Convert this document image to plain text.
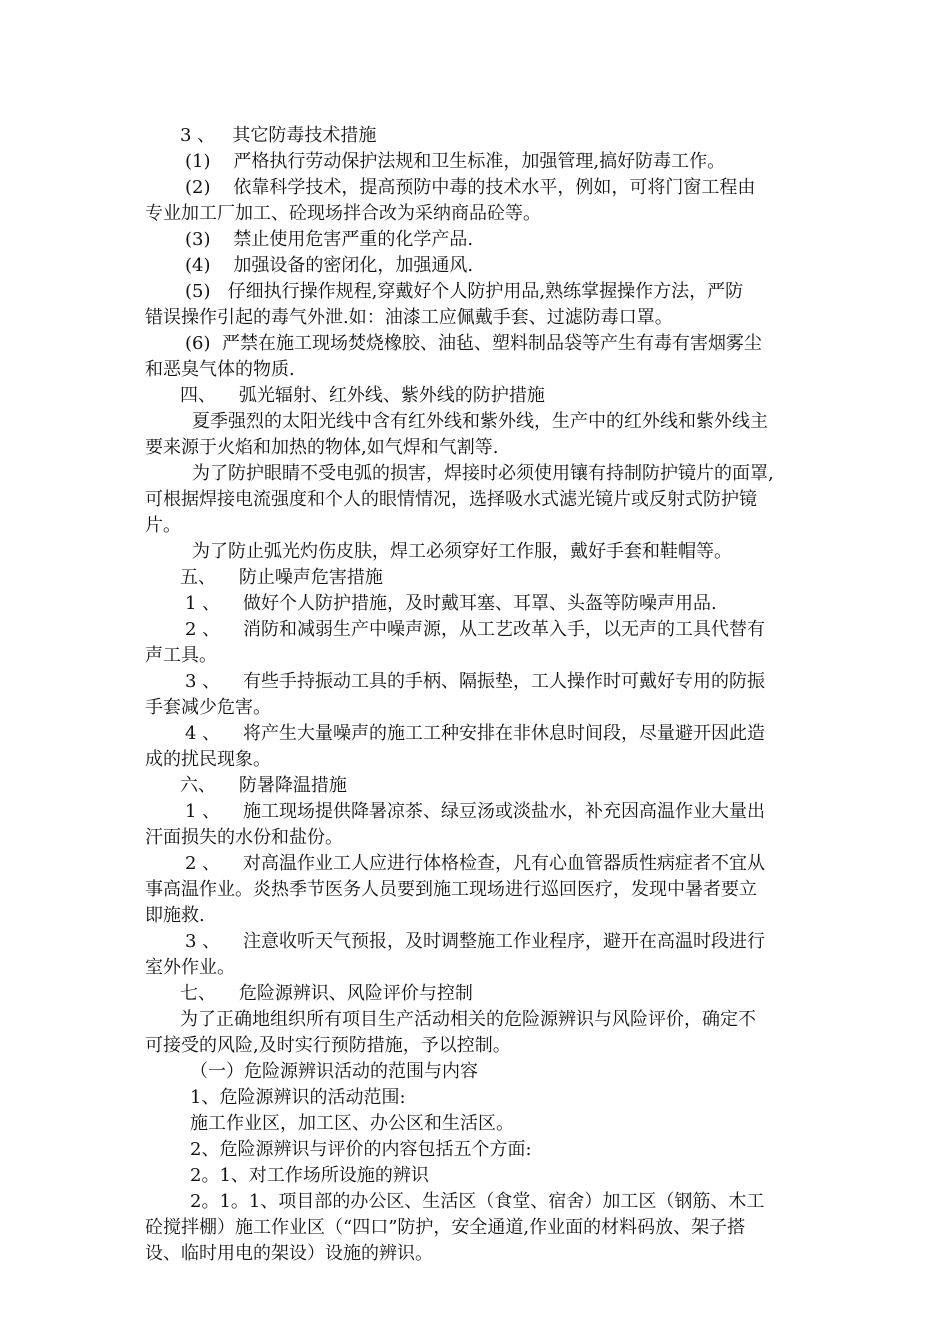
3 、   其它防毒技术措施
(1)    严格执行劳动保护法规和卫生标准，加强管理,搞好防毒工作。
(2)    依靠科学技术，提高预防中毒的技术水平，例如，可将门窗工程由
专业加工厂加工、砼现场拌合改为采纳商品砼等。
(3)    禁止使用危害严重的化学产品.
(4)    加强设备的密闭化，加强通风.
(5)   仔细执行操作规程,穿戴好个人防护用品,熟练掌握操作方法，严防
错误操作引起的毒气外泄.如：油漆工应佩戴手套、过滤防毒口罩。
(6)  严禁在施工现场焚烧橡胶、油毡、塑料制品袋等产生有毒有害烟雾尘
和恶臭气体的物质.
四、    弧光辐射、红外线、紫外线的防护措施
夏季强烈的太阳光线中含有红外线和紫外线，生产中的红外线和紫外线主
要来源于火焰和加热的物体,如气焊和气割等.
为了防护眼睛不受电弧的损害，焊接时必须使用镶有持制防护镜片的面罩,
可根据焊接电流强度和个人的眼情情况，选择吸水式滤光镜片或反射式防护镜
片。
为了防止弧光灼伤皮肤，焊工必须穿好工作服，戴好手套和鞋帽等。
五、    防止噪声危害措施
1 、    做好个人防护措施，及时戴耳塞、耳罩、头盔等防噪声用品.
2 、    消防和减弱生产中噪声源，从工艺改革入手，以无声的工具代替有
声工具。
3 、    有些手持振动工具的手柄、隔振垫，工人操作时可戴好专用的防振
手套减少危害。
4 、    将产生大量噪声的施工工种安排在非休息时间段，尽量避开因此造
成的扰民现象。
六、    防暑降温措施
1 、    施工现场提供降暑凉茶、绿豆汤或淡盐水，补充因高温作业大量出
汗面损失的水份和盐份。
2 、    对高温作业工人应进行体格检查，凡有心血管器质性病症者不宜从
事高温作业。炎热季节医务人员要到施工现场进行巡回医疗，发现中暑者要立
即施救.
3 、    注意收听天气预报，及时调整施工作业程序，避开在高温时段进行
室外作业。
七、    危险源辨识、风险评价与控制
为了正确地组织所有项目生产活动相关的危险源辨识与风险评价，确定不
可接受的风险,及时实行预防措施，予以控制。
（一）危险源辨识活动的范围与内容
1、危险源辨识的活动范围:
施工作业区，加工区、办公区和生活区。
2、危险源辨识与评价的内容包括五个方面:
2。1、对工作场所设施的辨识
2。1。1、项目部的办公区、生活区（食堂、宿舍）加工区（钢筋、木工
砼搅拌棚）施工作业区（“四口”防护，安全通道,作业面的材料码放、架子搭
设、临时用电的架设）设施的辨识。
